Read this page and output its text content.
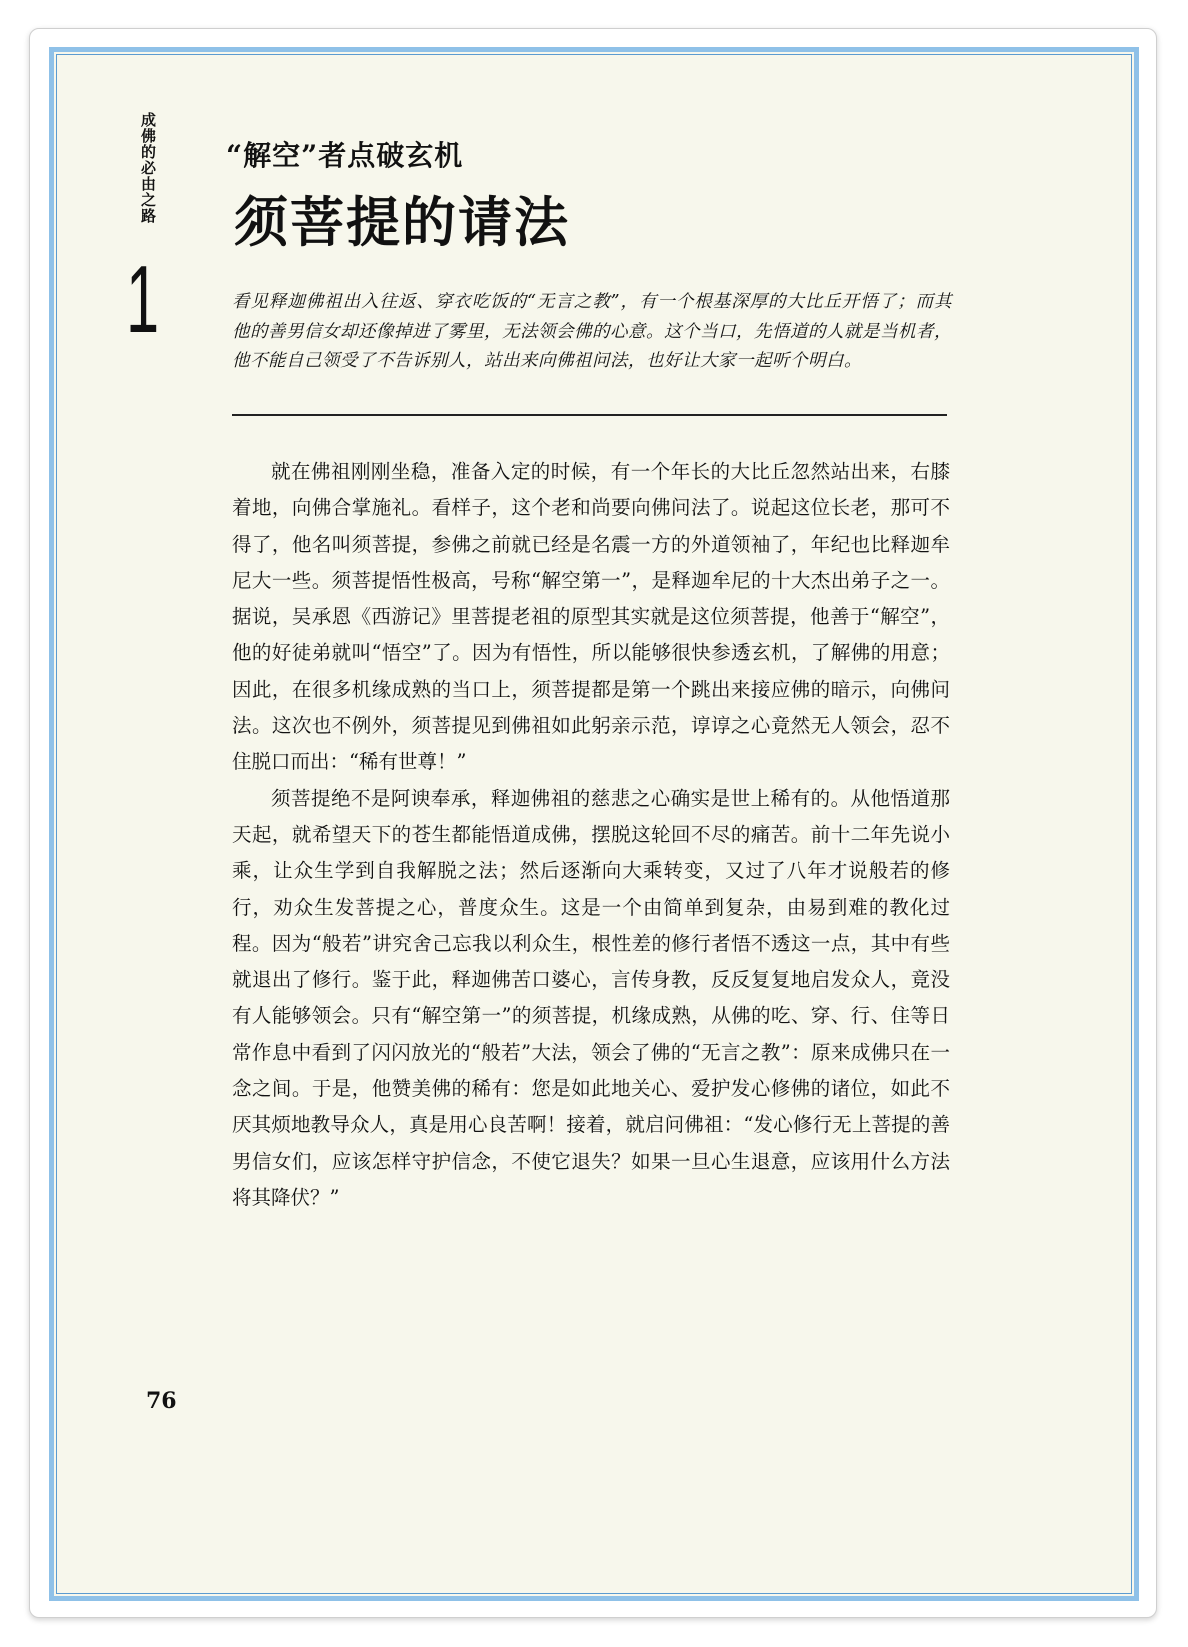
成佛的必由之路
1
“解空”者点破玄机
须菩提的请法
看见释迦佛祖出入往返、穿衣吃饭的“无言之教”，有一个根基深厚的大比丘开悟了；而其他的善男信女却还像掉进了雾里，无法领会佛的心意。这个当口，先悟道的人就是当机者，他不能自己领受了不告诉别人，站出来向佛祖问法，也好让大家一起听个明白。

就在佛祖刚刚坐稳，准备入定的时候，有一个年长的大比丘忽然站出来，右膝着地，向佛合掌施礼。看样子，这个老和尚要向佛问法了。说起这位长老，那可不得了，他名叫须菩提，参佛之前就已经是名震一方的外道领袖了，年纪也比释迦牟尼大一些。须菩提悟性极高，号称“解空第一”，是释迦牟尼的十大杰出弟子之一。据说，吴承恩《西游记》里菩提老祖的原型其实就是这位须菩提，他善于“解空”，他的好徒弟就叫“悟空”了。因为有悟性，所以能够很快参透玄机，了解佛的用意；因此，在很多机缘成熟的当口上，须菩提都是第一个跳出来接应佛的暗示，向佛问法。这次也不例外，须菩提见到佛祖如此躬亲示范，谆谆之心竟然无人领会，忍不住脱口而出：“稀有世尊！”

须菩提绝不是阿谀奉承，释迦佛祖的慈悲之心确实是世上稀有的。从他悟道那天起，就希望天下的苍生都能悟道成佛，摆脱这轮回不尽的痛苦。前十二年先说小乘，让众生学到自我解脱之法；然后逐渐向大乘转变，又过了八年才说般若的修行，劝众生发菩提之心，普度众生。这是一个由简单到复杂，由易到难的教化过程。因为“般若”讲究舍己忘我以利众生，根性差的修行者悟不透这一点，其中有些就退出了修行。鉴于此，释迦佛苦口婆心，言传身教，反反复复地启发众人，竟没有人能够领会。只有“解空第一”的须菩提，机缘成熟，从佛的吃、穿、行、住等日常作息中看到了闪闪放光的“般若”大法，领会了佛的“无言之教”：原来成佛只在一念之间。于是，他赞美佛的稀有：您是如此地关心、爱护发心修佛的诸位，如此不厌其烦地教导众人，真是用心良苦啊！接着，就启问佛祖：“发心修行无上菩提的善男信女们，应该怎样守护信念，不使它退失？如果一旦心生退意，应该用什么方法将其降伏？”

76
